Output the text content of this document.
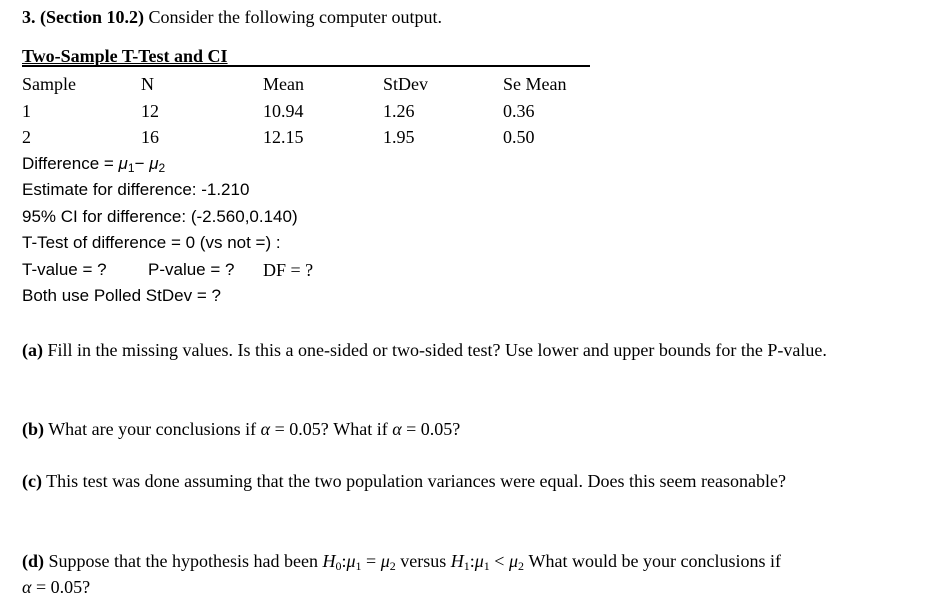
3. (Section 10.2) Consider the following computer output.
Two-Sample T-Test and CI
Sample	N	Mean	StDev	Se Mean
1	12	10.94	1.26	0.36
2	16	12.15	1.95	0.50
Difference = $\mu_1- \mu_2$
Estimate for difference: -1.210
95% CI for difference: (-2.560,0.140)
T-Test of difference = 0 (vs not =) :
T-value = ? P-value = ? DF = ?
Both use Polled StDev = ?
(a) Fill in the missing values. Is this a one-sided or two-sided test? Use lower and upper bounds for the P-value.
(b) What are your conclusions if α = 0.05? What if α = 0.05?
(c) This test was done assuming that the two population variances were equal. Does this seem reasonable?
(d) Suppose that the hypothesis had been $H_0:\mu_1 = \mu_2$ versus $H_1:\mu_1 < \mu_2$ What would be your conclusions if
α = 0.05?
